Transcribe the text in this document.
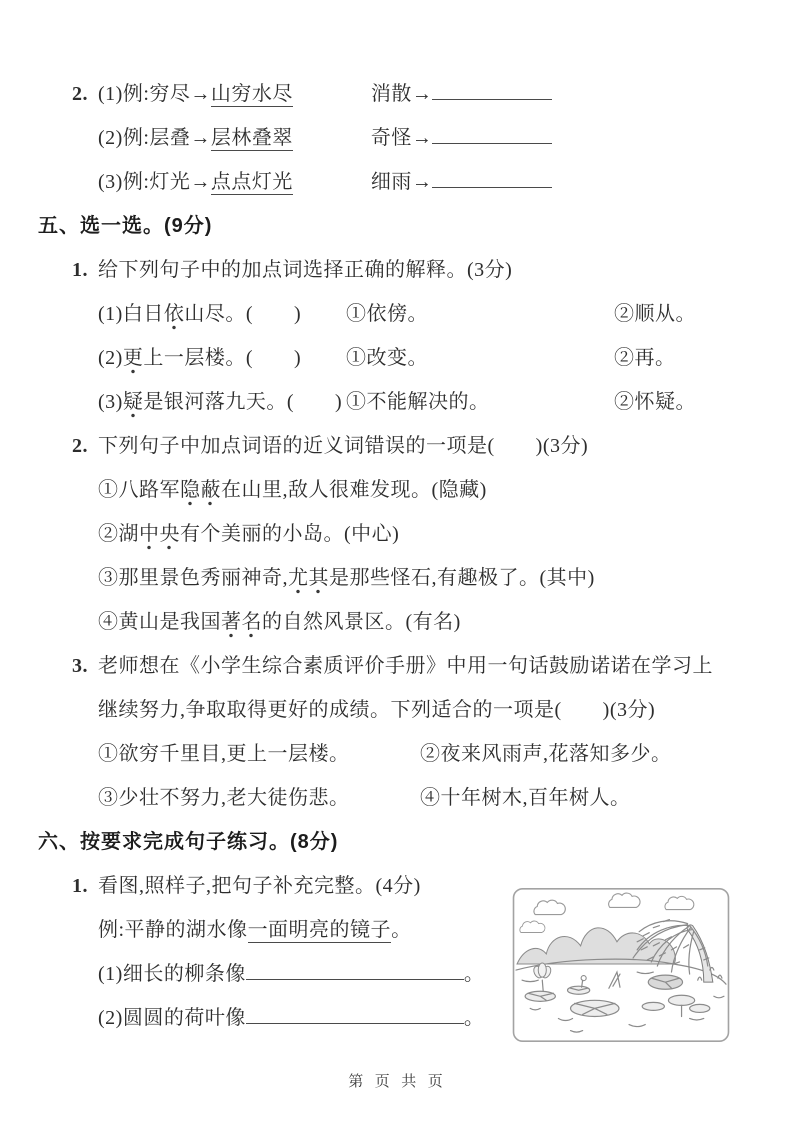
2. (1)例:穷尽→山穷水尽	消散→
(2)例:层叠→层林叠翠	奇怪→
(3)例:灯光→点点灯光	细雨→
五、选一选。(9分)
1. 给下列句子中的加点词选择正确的解释。(3分)
(1)白日依山尽。(　　)	①依傍。	②顺从。
(2)更上一层楼。(　　)	①改变。	②再。
(3)疑是银河落九天。(　　) ①不能解决的。	②怀疑。
2. 下列句子中加点词语的近义词错误的一项是(　　)(3分)
①八路军隐蔽在山里,敌人很难发现。(隐藏)
②湖中央有个美丽的小岛。(中心)
③那里景色秀丽神奇,尤其是那些怪石,有趣极了。(其中)
④黄山是我国著名的自然风景区。(有名)
3. 老师想在《小学生综合素质评价手册》中用一句话鼓励诺诺在学习上
继续努力,争取取得更好的成绩。下列适合的一项是(　　)(3分)
①欲穷千里目,更上一层楼。	②夜来风雨声,花落知多少。
③少壮不努力,老大徒伤悲。	④十年树木,百年树人。
六、按要求完成句子练习。(8分)
1. 看图,照样子,把句子补充完整。(4分)
例:平静的湖水像一面明亮的镜子。
(1)细长的柳条像	。
(2)圆圆的荷叶像	。
第 页 共 页
